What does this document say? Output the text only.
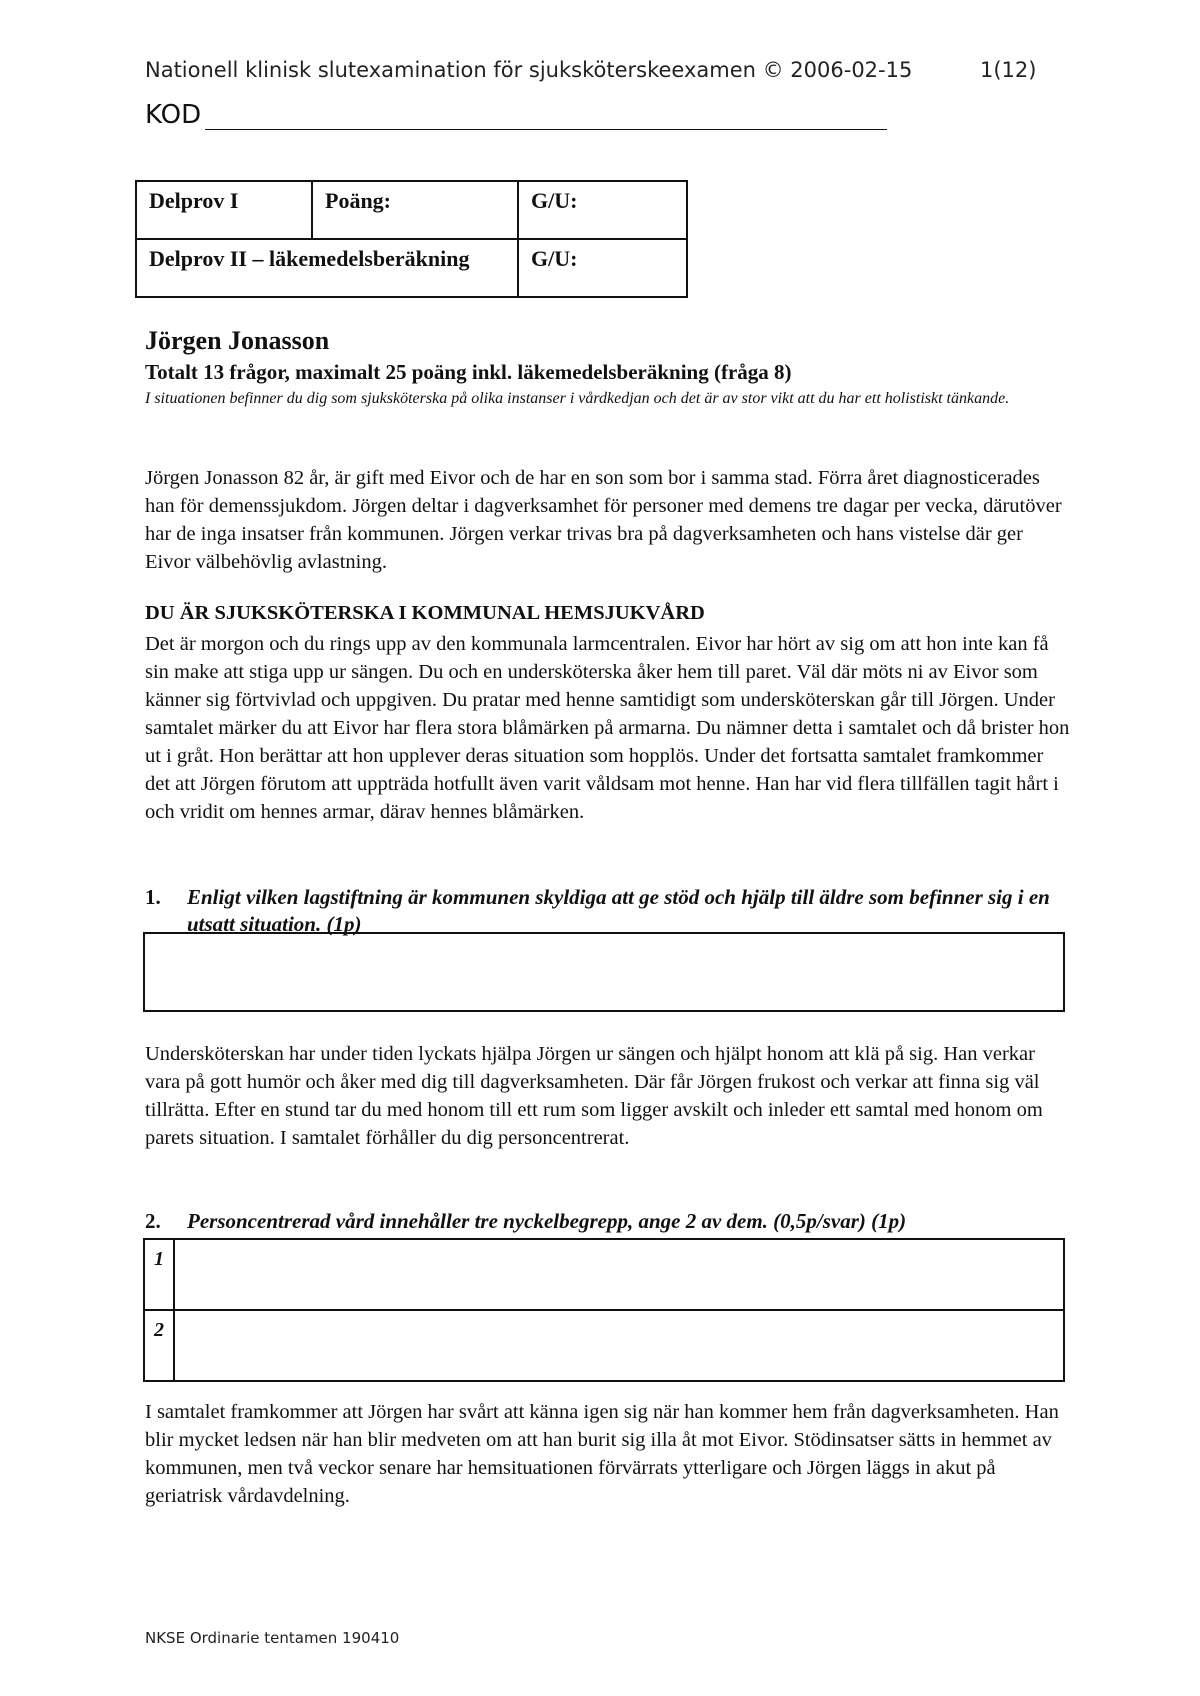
Nationell klinisk slutexamination för sjuksköterskeexamen © 2006-02-15	1(12)
KOD
Delprov I	Poäng:	G/U:
Delprov II – läkemedelsberäkning		G/U:
Jörgen Jonasson
Totalt 13 frågor, maximalt 25 poäng inkl. läkemedelsberäkning (fråga 8)
I situationen befinner du dig som sjuksköterska på olika instanser i vårdkedjan och det är av stor vikt att du har ett holistiskt tänkande.
Jörgen Jonasson 82 år, är gift med Eivor och de har en son som bor i samma stad. Förra året diagnosticerades han för demenssjukdom. Jörgen deltar i dagverksamhet för personer med demens tre dagar per vecka, därutöver har de inga insatser från kommunen. Jörgen verkar trivas bra på dagverksamheten och hans vistelse där ger Eivor välbehövlig avlastning.
DU ÄR SJUKSKÖTERSKA I KOMMUNAL HEMSJUKVÅRD
Det är morgon och du rings upp av den kommunala larmcentralen. Eivor har hört av sig om att hon inte kan få sin make att stiga upp ur sängen. Du och en undersköterska åker hem till paret. Väl där möts ni av Eivor som känner sig förtvivlad och uppgiven. Du pratar med henne samtidigt som undersköterskan går till Jörgen. Under samtalet märker du att Eivor har flera stora blåmärken på armarna. Du nämner detta i samtalet och då brister hon ut i gråt. Hon berättar att hon upplever deras situation som hopplös. Under det fortsatta samtalet framkommer det att Jörgen förutom att uppträda hotfullt även varit våldsam mot henne. Han har vid flera tillfällen tagit hårt i och vridit om hennes armar, därav hennes blåmärken.
1. Enligt vilken lagstiftning är kommunen skyldiga att ge stöd och hjälp till äldre som befinner sig i en utsatt situation. (1p)
Undersköterskan har under tiden lyckats hjälpa Jörgen ur sängen och hjälpt honom att klä på sig. Han verkar vara på gott humör och åker med dig till dagverksamheten. Där får Jörgen frukost och verkar att finna sig väl tillrätta. Efter en stund tar du med honom till ett rum som ligger avskilt och inleder ett samtal med honom om parets situation. I samtalet förhåller du dig personcentrerat.
2. Personcentrerad vård innehåller tre nyckelbegrepp, ange 2 av dem. (0,5p/svar) (1p)
1	
2	
I samtalet framkommer att Jörgen har svårt att känna igen sig när han kommer hem från dagverksamheten. Han blir mycket ledsen när han blir medveten om att han burit sig illa åt mot Eivor. Stödinsatser sätts in hemmet av kommunen, men två veckor senare har hemsituationen förvärrats ytterligare och Jörgen läggs in akut på geriatrisk vårdavdelning.
NKSE Ordinarie tentamen 190410
